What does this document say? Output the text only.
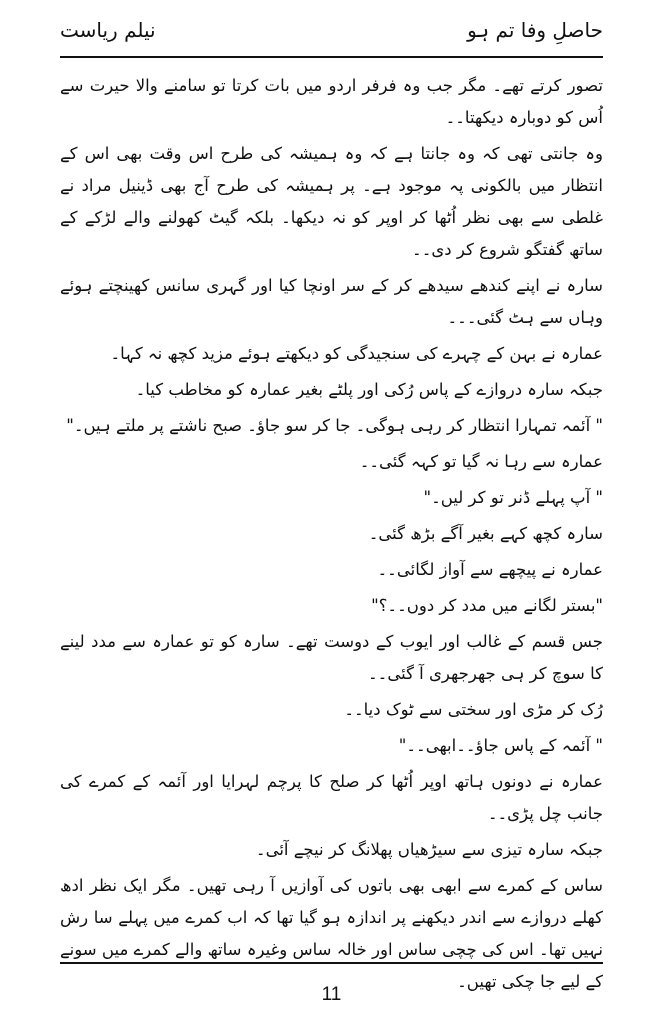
حاصلِ وفا تم ہو
نیلم ریاست

تصور کرتے تھے۔ مگر جب وہ فرفر اردو میں بات کرتا تو سامنے والا حیرت سے اُس کو دوبارہ دیکھتا۔۔

وہ جانتی تھی کہ وہ جانتا ہے کہ وہ ہمیشہ کی طرح اس وقت بھی اس کے انتظار میں بالکونی پہ موجود ہے۔ پر ہمیشہ کی طرح آج بھی ڈینیل مراد نے غلطی سے بھی نظر اُٹھا کر اوپر کو نہ دیکھا۔ بلکہ گیٹ کھولنے والے لڑکے کے ساتھ گفتگو شروع کر دی۔۔

سارہ نے اپنے کندھے سیدھے کر کے سر اونچا کیا اور گہری سانس کھینچتے ہوئے وہاں سے ہٹ گئی۔۔۔

عمارہ نے بہن کے چہرے کی سنجیدگی کو دیکھتے ہوئے مزید کچھ نہ کہا۔

جبکہ سارہ دروازے کے پاس رُکی اور پلٹے بغیر عمارہ کو مخاطب کیا۔

" آئمہ تمہارا انتظار کر رہی ہوگی۔ جا کر سو جاؤ۔ صبح ناشتے پر ملتے ہیں۔"

عمارہ سے رہا نہ گیا تو کہہ گئی۔۔

" آپ پہلے ڈنر تو کر لیں۔"

سارہ کچھ کہے بغیر آگے بڑھ گئی۔

عمارہ نے پیچھے سے آواز لگائی۔۔

"بستر لگانے میں مدد کر دوں۔۔؟"

جس قسم کے غالب اور ایوب کے دوست تھے۔ سارہ کو تو عمارہ سے مدد لینے کا سوچ کر ہی جھرجھری آ گئی۔۔

رُک کر مڑی اور سختی سے ٹوک دیا۔۔

" آئمہ کے پاس جاؤ۔۔ابھی۔۔"

عمارہ نے دونوں ہاتھ اوپر اُٹھا کر صلح کا پرچم لہرایا اور آئمہ کے کمرے کی جانب چل پڑی۔۔

جبکہ سارہ تیزی سے سیڑھیاں پھلانگ کر نیچے آئی۔

ساس کے کمرے سے ابھی بھی باتوں کی آوازیں آ رہی تھیں۔ مگر ایک نظر ادھ کھلے دروازے سے اندر دیکھنے پر اندازہ ہو گیا تھا کہ اب کمرے میں پہلے سا رش نہیں تھا۔ اس کی چچی ساس اور خالہ ساس وغیرہ ساتھ والے کمرے میں سونے کے لیے جا چکی تھیں۔

11
